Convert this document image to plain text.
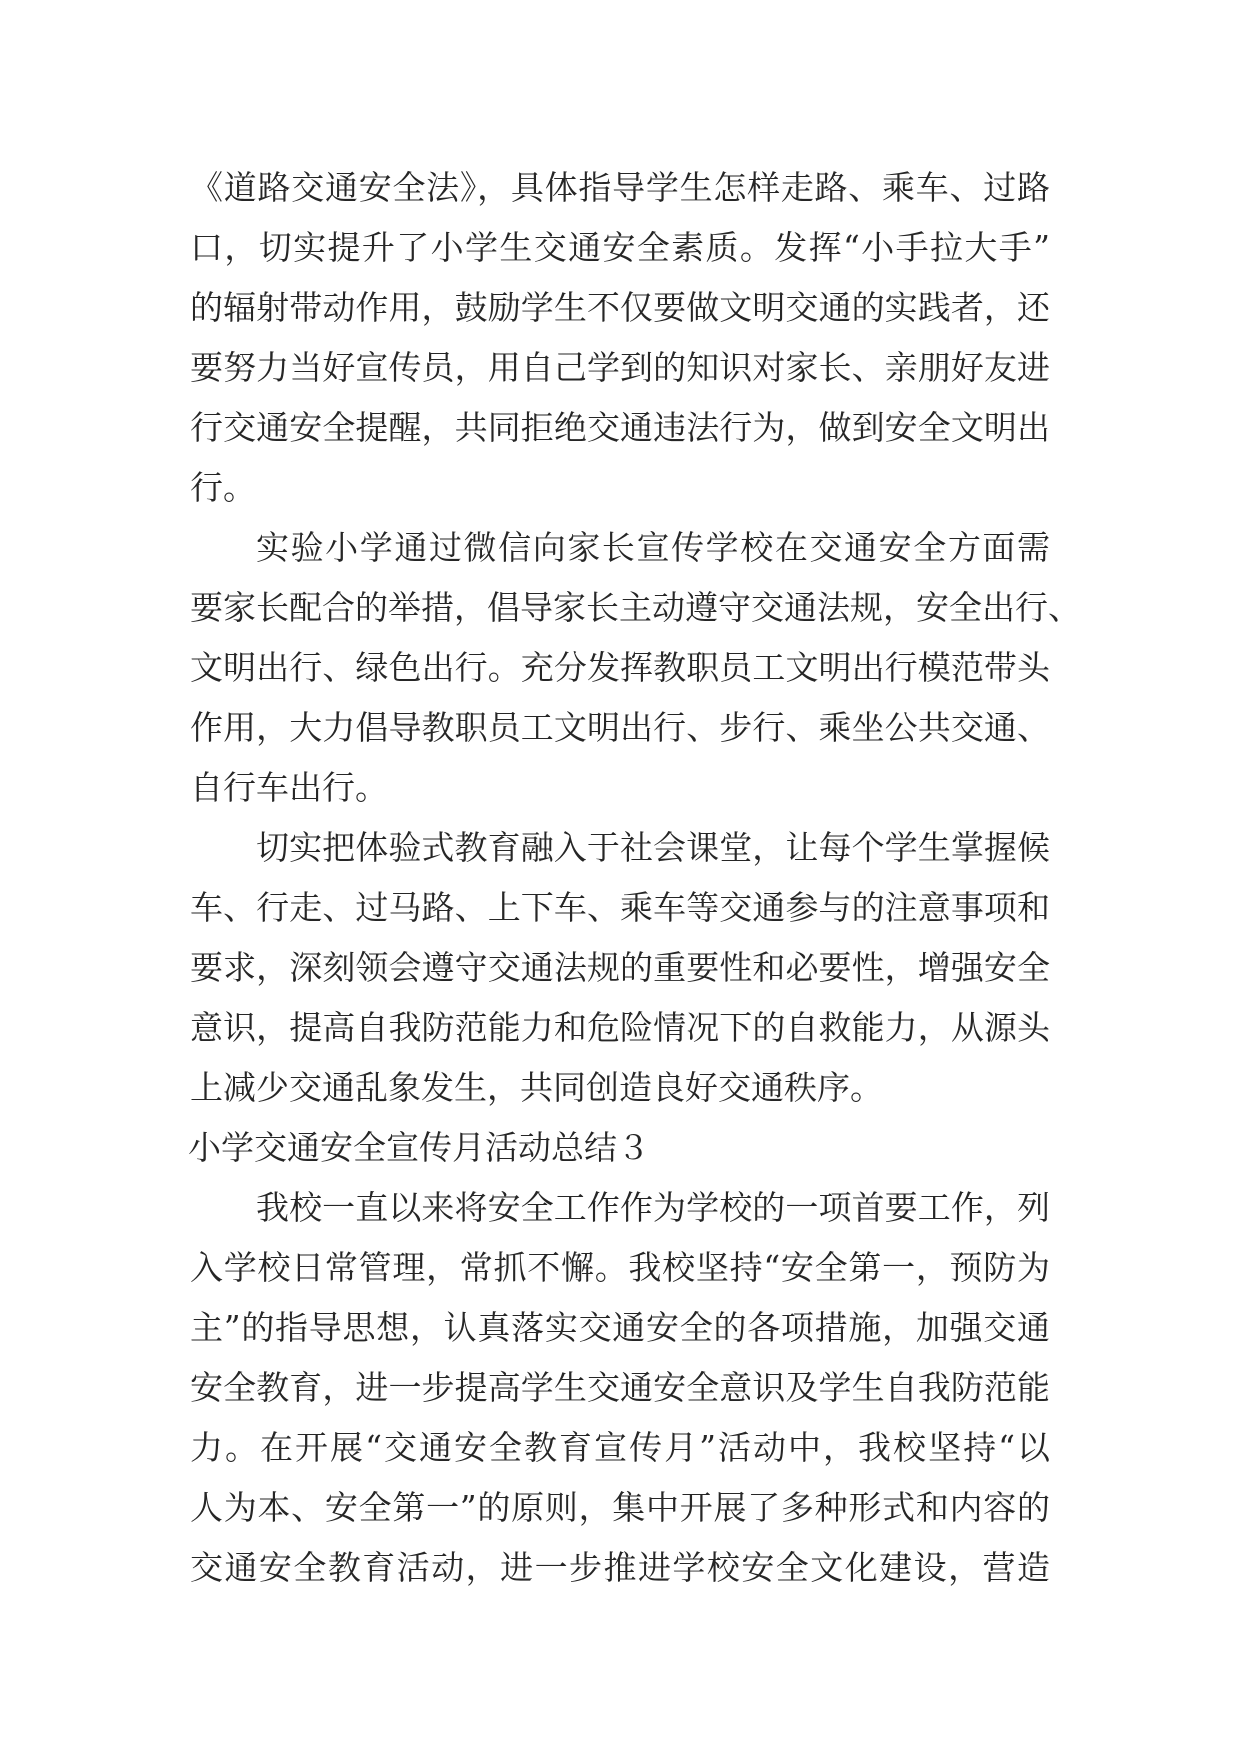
《道路交通安全法》，具体指导学生怎样走路、乘车、过路
口，切实提升了小学生交通安全素质。发挥“小手拉大手”
的辐射带动作用，鼓励学生不仅要做文明交通的实践者，还
要努力当好宣传员，用自己学到的知识对家长、亲朋好友进
行交通安全提醒，共同拒绝交通违法行为，做到安全文明出
行。
实验小学通过微信向家长宣传学校在交通安全方面需
要家长配合的举措，倡导家长主动遵守交通法规，安全出行、
文明出行、绿色出行。充分发挥教职员工文明出行模范带头
作用，大力倡导教职员工文明出行、步行、乘坐公共交通、
自行车出行。
切实把体验式教育融入于社会课堂，让每个学生掌握候
车、行走、过马路、上下车、乘车等交通参与的注意事项和
要求，深刻领会遵守交通法规的重要性和必要性，增强安全
意识，提高自我防范能力和危险情况下的自救能力，从源头
上减少交通乱象发生，共同创造良好交通秩序。
小学交通安全宣传月活动总结３
我校一直以来将安全工作作为学校的一项首要工作，列
入学校日常管理，常抓不懈。我校坚持“安全第一，预防为
主”的指导思想，认真落实交通安全的各项措施，加强交通
安全教育，进一步提高学生交通安全意识及学生自我防范能
力。在开展“交通安全教育宣传月”活动中，我校坚持“以
人为本、安全第一”的原则，集中开展了多种形式和内容的
交通安全教育活动，进一步推进学校安全文化建设，营造
